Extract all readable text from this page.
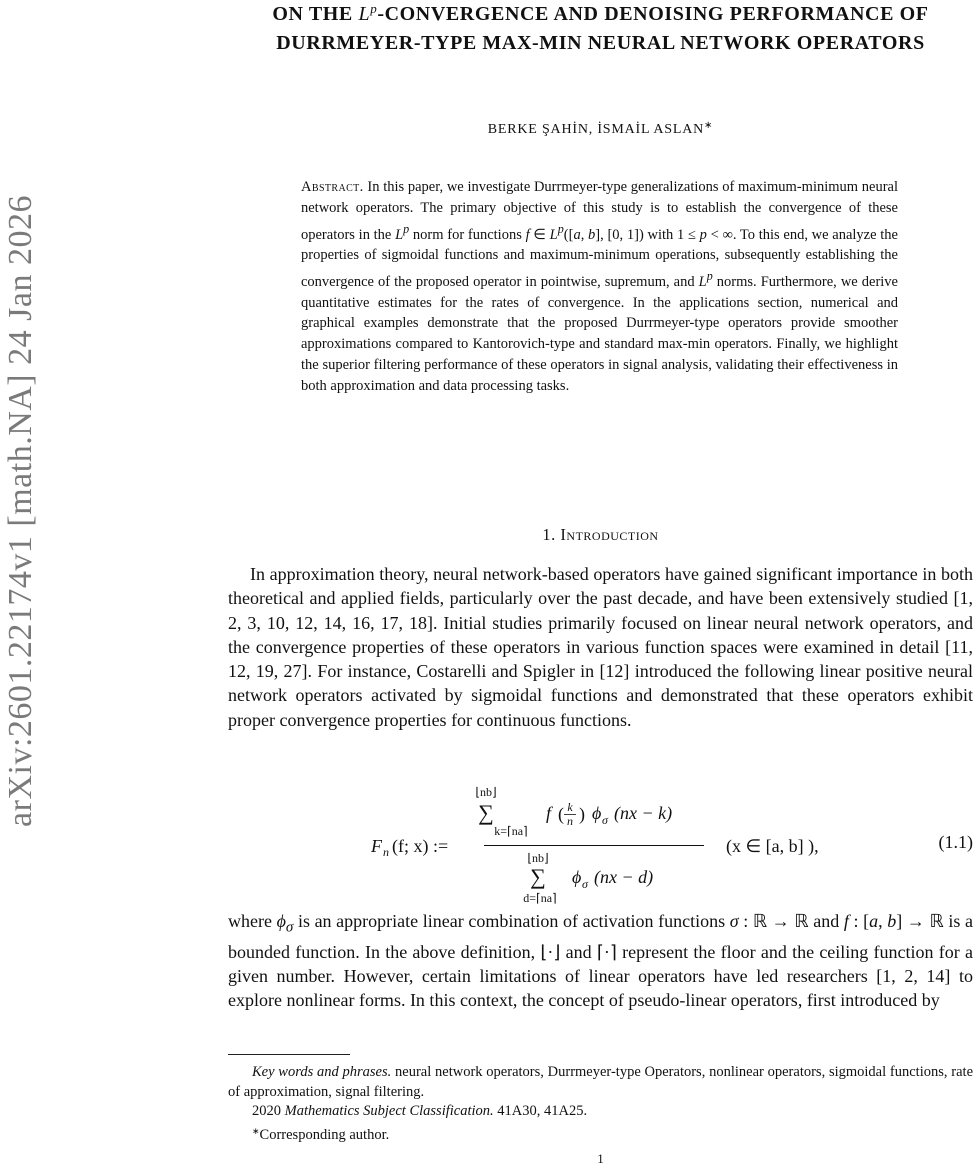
arXiv:2601.22174v1 [math.NA] 24 Jan 2026
ON THE $L^p$-CONVERGENCE AND DENOISING PERFORMANCE OF DURRMEYER-TYPE MAX-MIN NEURAL NETWORK OPERATORS
BERKE ŞAHİN, İSMAİL ASLAN∗
Abstract. In this paper, we investigate Durrmeyer-type generalizations of maximum-minimum neural network operators. The primary objective of this study is to establish the convergence of these operators in the $L^p$ norm for functions f ∈ $L^p([a$, b], [0, 1]) with 1 ≤ p < ∞. To this end, we analyze the properties of sigmoidal functions and maximum-minimum operations, subsequently establishing the convergence of the proposed operator in pointwise, supremum, and $L^p$ norms. Furthermore, we derive quantitative estimates for the rates of convergence. In the applications section, numerical and graphical examples demonstrate that the proposed Durrmeyer-type operators provide smoother approximations compared to Kantorovich-type and standard max-min operators. Finally, we highlight the superior filtering performance of these operators in signal analysis, validating their effectiveness in both approximation and data processing tasks.
1. Introduction

In approximation theory, neural network-based operators have gained significant importance in both theoretical and applied fields, particularly over the past decade, and have been extensively studied [1, 2, 3, 10, 12, 14, 16, 17, 18]. Initial studies primarily focused on linear neural network operators, and the convergence properties of these operators in various function spaces were examined in detail [11, 12, 19, 27]. For instance, Costarelli and Spigler in [12] introduced the following linear positive neural network operators activated by sigmoidal functions and demonstrated that these operators exhibit proper convergence properties for continuous functions.

F n (f; x) :=
⌊nb⌋
∑
k=⌈na⌉
f ( k
n ) ϕ σ (nx − k)
⌊nb⌋
∑
d=⌈na⌉
ϕ σ (nx − d)
(x ∈ [a, b] ),	(1.1)

where $\phi_\sigma$ is an appropriate linear combination of activation functions σ : ℝ → ℝ and f : [a, b] → ℝ is a bounded function. In the above definition, ⌊·⌋ and ⌈·⌉ represent the floor and the ceiling function for a given number. However, certain limitations of linear operators have led researchers [1, 2, 14] to explore nonlinear forms. In this context, the concept of pseudo-linear operators, first introduced by

Key words and phrases. neural network operators, Durrmeyer-type Operators, nonlinear operators, sigmoidal functions, rate of approximation, signal filtering.

2020 Mathematics Subject Classification. 41A30, 41A25.

∗Corresponding author.

1
